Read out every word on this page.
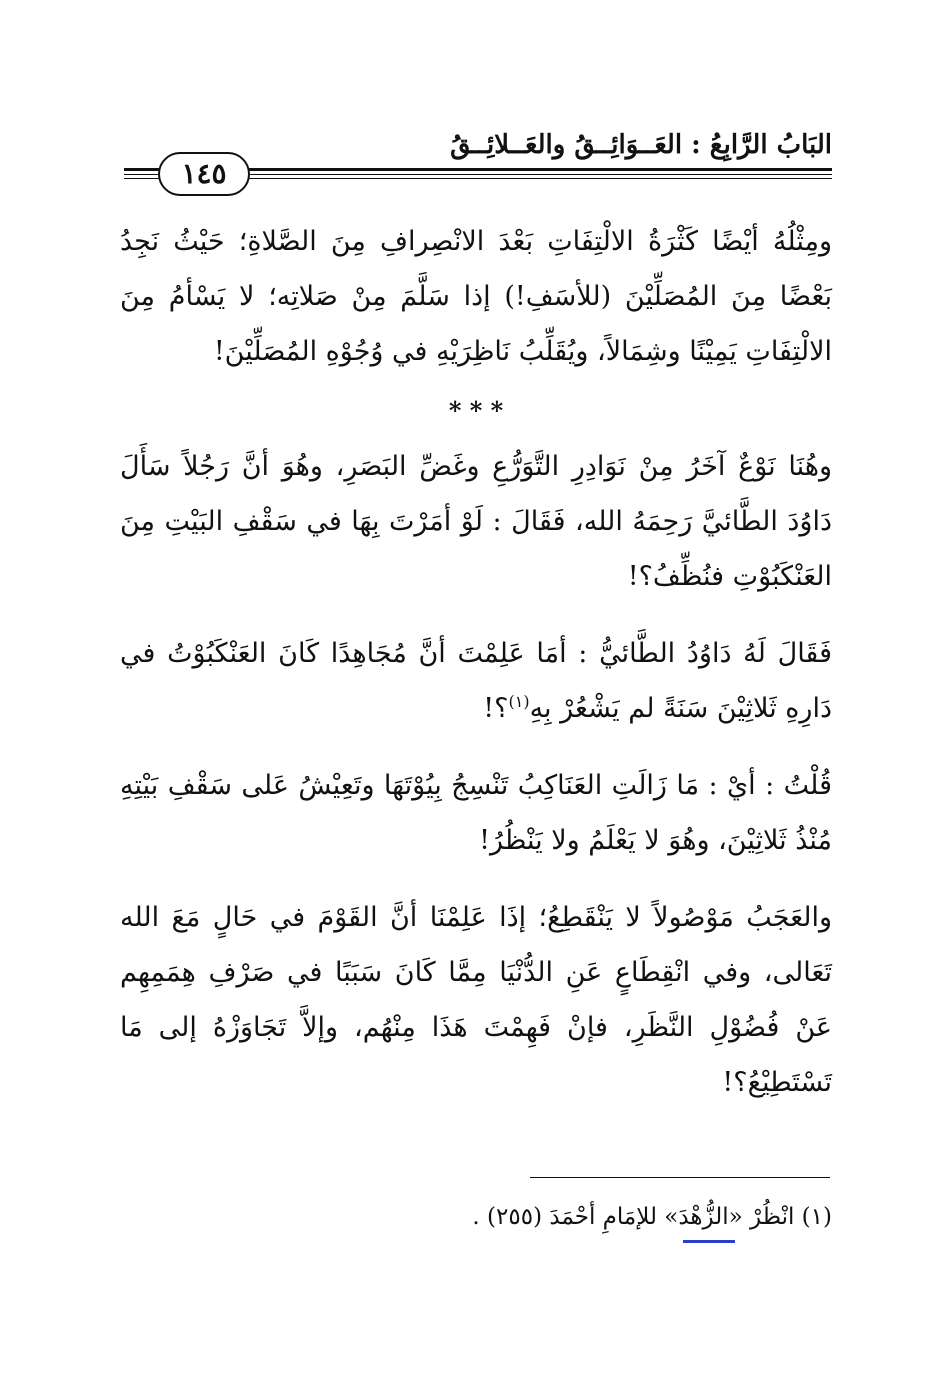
البَابُ الرَّابِعُ : العَــوَائِــقُ والعَــلائِــقُ
١٤٥

ومِثْلُهُ أيْضًا كَثْرَةُ الالْتِفَاتِ بَعْدَ الانْصِرافِ مِنَ الصَّلاةِ؛ حَيْثُ نَجِدُ بَعْضًا مِنَ المُصَلِّيْنَ (للأسَفِ!) إذا سَلَّمَ مِنْ صَلاتِه؛ لا يَسْأمُ مِنَ الالْتِفَاتِ يَمِيْنًا وشِمَالاً، ويُقَلِّبُ نَاظِرَيْهِ في وُجُوْهِ المُصَلِّيْنَ!

* * *

وهُنَا نَوْعٌ آخَرُ مِنْ نَوَادِرِ التَّوَرُّعِ وغَضِّ البَصَرِ، وهُوَ أنَّ رَجُلاً سَأَلَ دَاوُدَ الطَّائيَّ رَحِمَهُ الله، فَقَالَ : لَوْ أمَرْتَ بِهَا في سَقْفِ البَيْتِ مِنَ العَنْكَبُوْتِ فنُظِّفُ؟!

فَقَالَ لَهُ دَاوُدُ الطَّائيُّ : أمَا عَلِمْتَ أنَّ مُجَاهِدًا كَانَ العَنْكَبُوْتُ في دَارِهِ ثَلاثِيْنَ سَنَةً لم يَشْعُرْ بِهِ$^{(١)}$؟!

قُلْتُ : أيْ : مَا زَالَتِ العَنَاكِبُ تَنْسِجُ بِيُوْتَهَا وتَعِيْشُ عَلى سَقْفِ بَيْتِهِ مُنْذُ ثَلاثِيْنَ، وهُوَ لا يَعْلَمُ ولا يَنْظُرُ!

والعَجَبُ مَوْصُولاً لا يَنْقَطِعُ؛ إذَا عَلِمْنَا أنَّ القَوْمَ في حَالٍ مَعَ الله تَعَالى، وفي انْقِطَاعٍ عَنِ الدُّنْيَا مِمَّا كَانَ سَبَبًا في صَرْفِ هِمَمِهِم عَنْ فُضُوْلِ النَّظَرِ، فإنْ فَهِمْتَ هَذَا مِنْهُم، وإلاَّ تَجَاوَزْهُ إلى مَا تَسْتَطِيْعُ؟!

(١) انْظُرْ «الزُّهْدَ» للإمَامِ أحْمَدَ (٢٥٥) .
